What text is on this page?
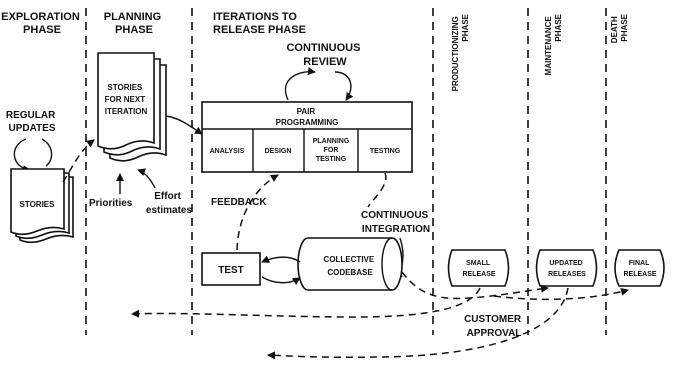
EXPLORATION PHASE
PLANNING PHASE
ITERATIONS TO RELEASE PHASE	PRODUCTIONIZING PHASE	MAINTENANCE PHASE	DEATH PHASE
REGULAR UPDATES
STORIES
STORIES FOR NEXT ITERATION
Priorities
Effort estimates
CONTINUOUS REVIEW
PAIR PROGRAMMING
ANALYSIS	DESIGN
PLANNING FOR TESTING
TESTING
FEEDBACK
CONTINUOUS INTEGRATION
TEST
COLLECTIVE CODEBASE
SMALL RELEASE
UPDATED RELEASES
FINAL RELEASE
CUSTOMER APPROVAL
